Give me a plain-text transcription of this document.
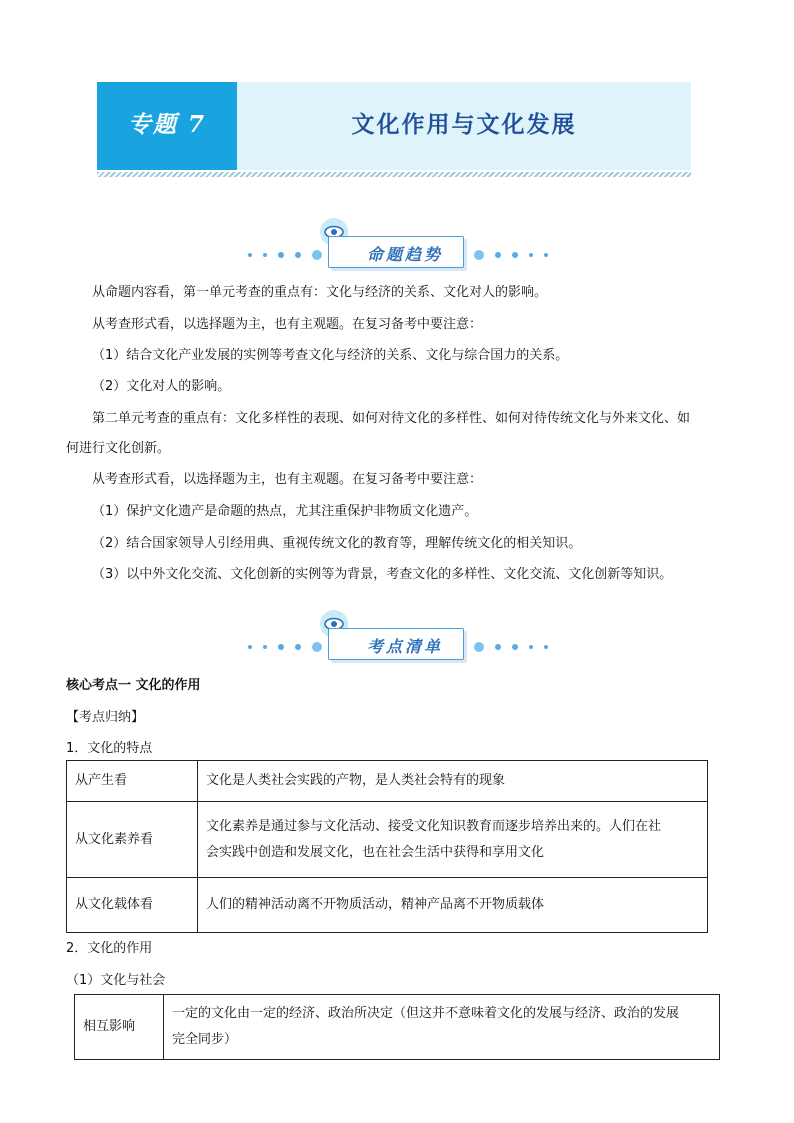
专题 7	文化作用与文化发展
命题趋势

从命题内容看，第一单元考查的重点有：文化与经济的关系、文化对人的影响。

从考查形式看，以选择题为主，也有主观题。在复习备考中要注意：

（1）结合文化产业发展的实例等考查文化与经济的关系、文化与综合国力的关系。

（2）文化对人的影响。

第二单元考查的重点有：文化多样性的表现、如何对待文化的多样性、如何对待传统文化与外来文化、如

何进行文化创新。

从考查形式看，以选择题为主，也有主观题。在复习备考中要注意：

（1）保护文化遗产是命题的热点，尤其注重保护非物质文化遗产。

（2）结合国家领导人引经用典、重视传统文化的教育等，理解传统文化的相关知识。

（3）以中外文化交流、文化创新的实例等为背景，考查文化的多样性、文化交流、文化创新等知识。

考点清单

核心考点一 文化的作用

【考点归纳】

1．文化的特点

从产生看	文化是人类社会实践的产物，是人类社会特有的现象
从文化素养看	文化素养是通过参与文化活动、接受文化知识教育而逐步培养出来的。人们在社
会实践中创造和发展文化，也在社会生活中获得和享用文化
从文化载体看	人们的精神活动离不开物质活动，精神产品离不开物质载体

2．文化的作用

（1）文化与社会

相互影响	一定的文化由一定的经济、政治所决定（但这并不意味着文化的发展与经济、政治的发展
完全同步）
